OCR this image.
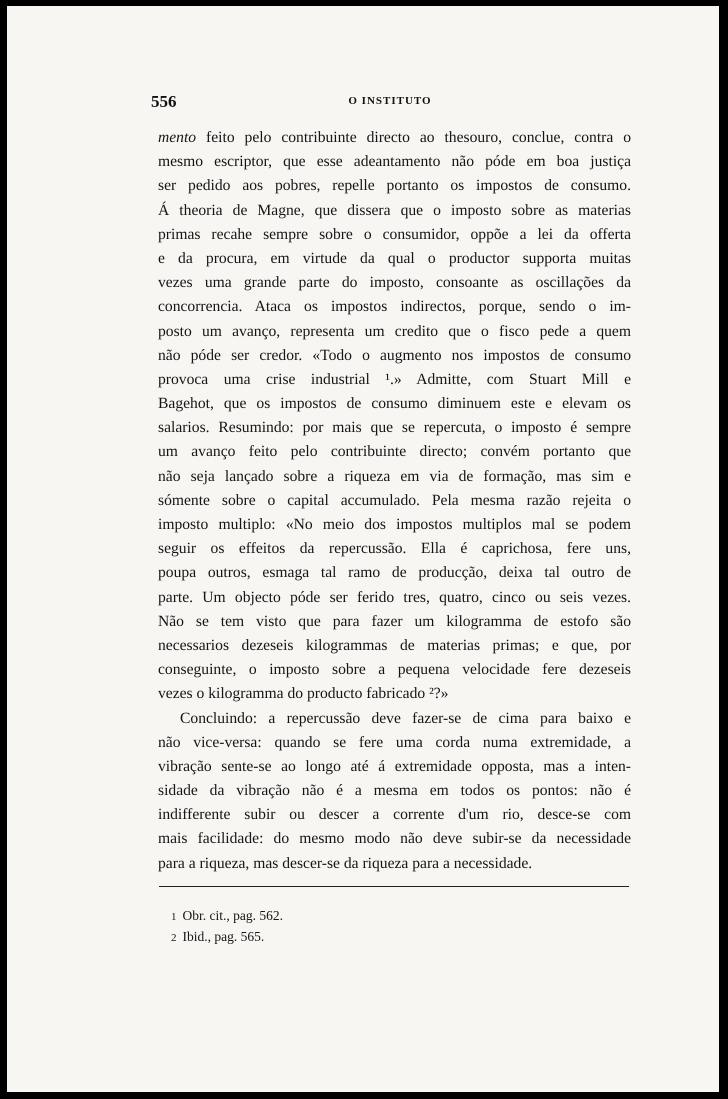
556	O INSTITUTO
mento feito pelo contribuinte directo ao thesouro, conclue, contra o
mesmo escriptor, que esse adeantamento não póde em boa justiça
ser pedido aos pobres, repelle portanto os impostos de consumo.
Á theoria de Magne, que dissera que o imposto sobre as materias
primas recahe sempre sobre o consumidor, oppõe a lei da offerta
e da procura, em virtude da qual o productor supporta muitas
vezes uma grande parte do imposto, consoante as oscillações da
concorrencia. Ataca os impostos indirectos, porque, sendo o im-
posto um avanço, representa um credito que o fisco pede a quem
não póde ser credor. «Todo o augmento nos impostos de consumo
provoca uma crise industrial ¹.» Admitte, com Stuart Mill e
Bagehot, que os impostos de consumo diminuem este e elevam os
salarios. Resumindo: por mais que se repercuta, o imposto é sempre
um avanço feito pelo contribuinte directo; convém portanto que
não seja lançado sobre a riqueza em via de formação, mas sim e
sómente sobre o capital accumulado. Pela mesma razão rejeita o
imposto multiplo: «No meio dos impostos multiplos mal se podem
seguir os effeitos da repercussão. Ella é caprichosa, fere uns,
poupa outros, esmaga tal ramo de producção, deixa tal outro de
parte. Um objecto póde ser ferido tres, quatro, cinco ou seis vezes.
Não se tem visto que para fazer um kilogramma de estofo são
necessarios dezeseis kilogrammas de materias primas; e que, por
conseguinte, o imposto sobre a pequena velocidade fere dezeseis
vezes o kilogramma do producto fabricado ²?»
Concluindo: a repercussão deve fazer-se de cima para baixo e
não vice-versa: quando se fere uma corda numa extremidade, a
vibração sente-se ao longo até á extremidade opposta, mas a inten-
sidade da vibração não é a mesma em todos os pontos: não é
indifferente subir ou descer a corrente d'um rio, desce-se com
mais facilidade: do mesmo modo não deve subir-se da necessidade
para a riqueza, mas descer-se da riqueza para a necessidade.
1 Obr. cit., pag. 562.
2 Ibid., pag. 565.
